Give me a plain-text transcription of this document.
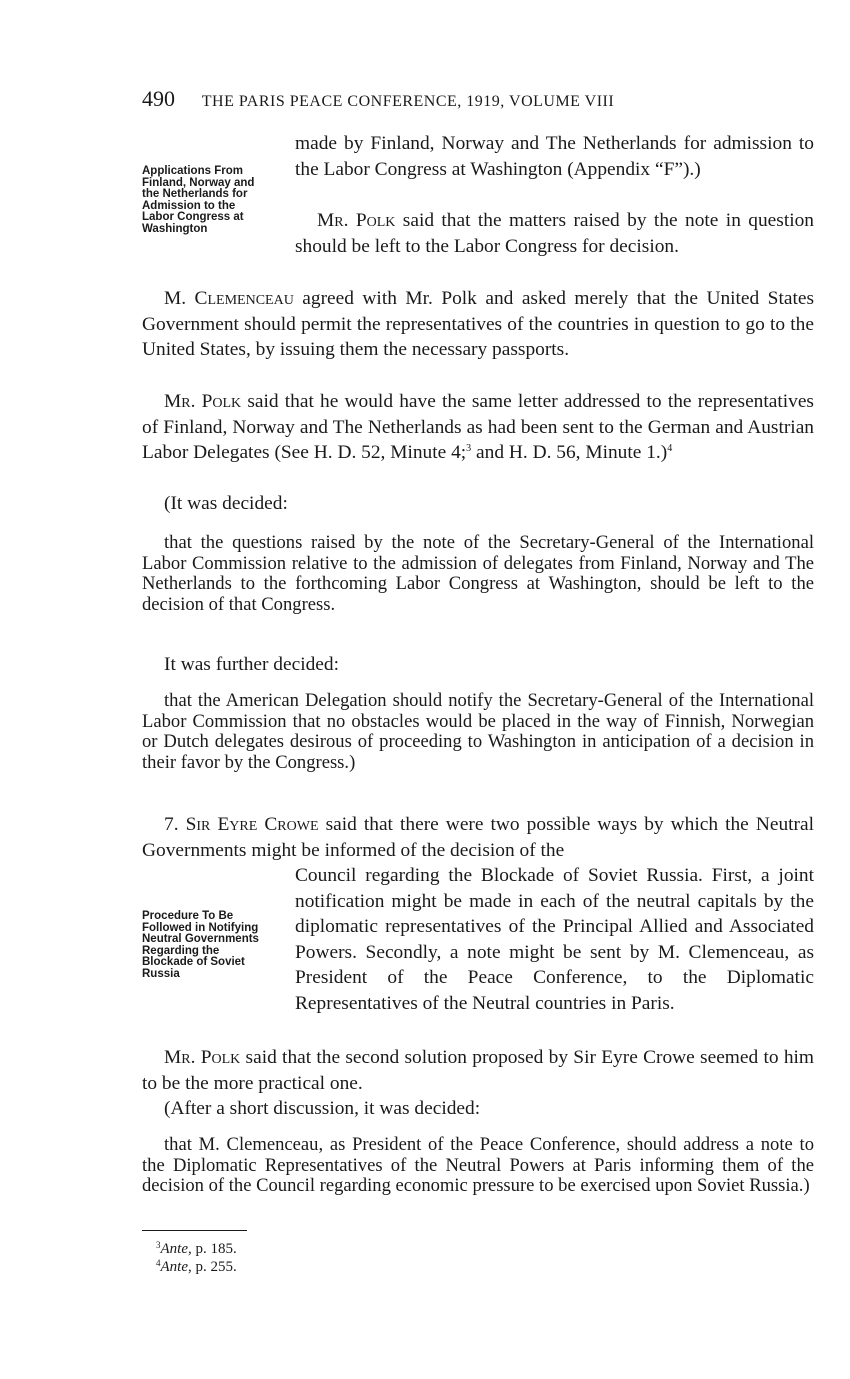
490 THE PARIS PEACE CONFERENCE, 1919, VOLUME VIII

Applications From Finland, Norway and the Netherlands for Admission to the Labor Congress at Washington

made by Finland, Norway and The Netherlands for admission to the Labor Congress at Washington (Appendix “F”).)

Mr. Polk said that the matters raised by the note in question should be left to the Labor Congress for decision.

M. Clemenceau agreed with Mr. Polk and asked merely that the United States Government should permit the representatives of the countries in question to go to the United States, by issuing them the necessary passports.

Mr. Polk said that he would have the same letter addressed to the representatives of Finland, Norway and The Netherlands as had been sent to the German and Austrian Labor Delegates (See H. D. 52, Minute 4;$^3$ and H. D. 56, Minute 1.)$^4$

(It was decided:

that the questions raised by the note of the Secretary-General of the International Labor Commission relative to the admission of delegates from Finland, Norway and The Netherlands to the forthcoming Labor Congress at Washington, should be left to the decision of that Congress.

It was further decided:

that the American Delegation should notify the Secretary-General of the International Labor Commission that no obstacles would be placed in the way of Finnish, Norwegian or Dutch delegates desirous of proceeding to Washington in anticipation of a decision in their favor by the Congress.)

7. Sir Eyre Crowe said that there were two possible ways by which the Neutral Governments might be informed of the decision of the

Council regarding the Blockade of Soviet Russia. First, a joint notification might be made in each of the neutral capitals by the diplomatic representatives of the Principal Allied and Associated Powers. Secondly, a note might be sent by M. Clemenceau, as President of the Peace Conference, to the Diplomatic Representatives of the Neutral countries in Paris.

Procedure To Be Followed in Notifying Neutral Governments Regarding the Blockade of Soviet Russia

Mr. Polk said that the second solution proposed by Sir Eyre Crowe seemed to him to be the more practical one.

(After a short discussion, it was decided:

that M. Clemenceau, as President of the Peace Conference, should address a note to the Diplomatic Representatives of the Neutral Powers at Paris informing them of the decision of the Council regarding economic pressure to be exercised upon Soviet Russia.)

$^3$Ante, p. 185.
$^4$Ante, p. 255.
